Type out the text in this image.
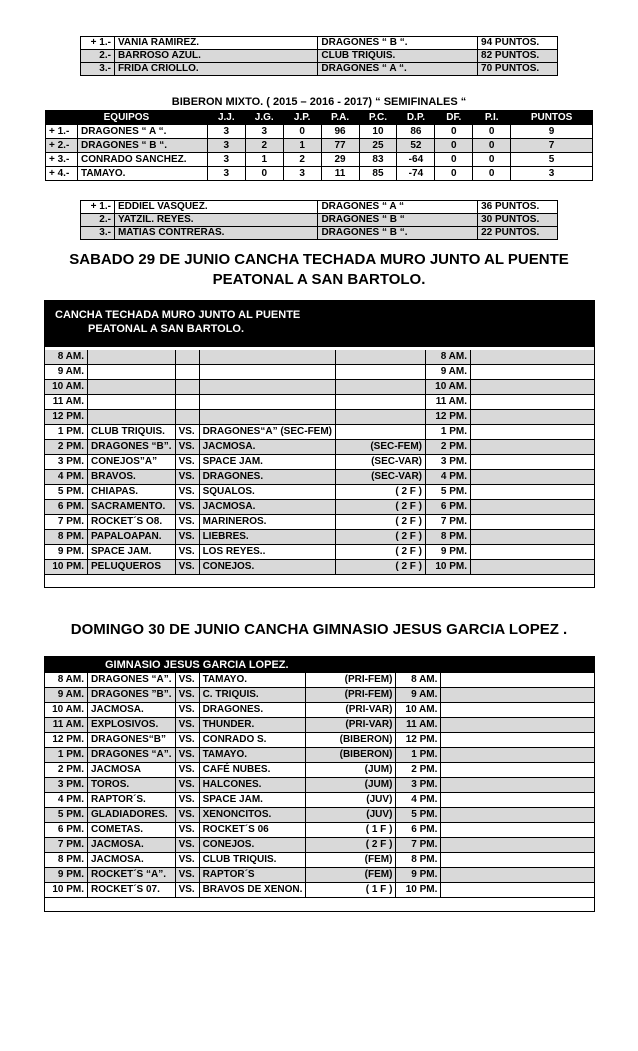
+ 1.-	VANIA RAMIREZ.	DRAGONES “ B “.	94 PUNTOS.
2.-	BARROSO AZUL.	CLUB TRIQUIS.	82 PUNTOS.
3.-	FRIDA CRIOLLO.	DRAGONES “ A “.	70 PUNTOS.
BIBERON MIXTO. ( 2015 – 2016 - 2017) “ SEMIFINALES “
EQUIPOS		J.J.	J.G.	J.P.	P.A.	P.C.	D.P.	DF.	P.I.	PUNTOS
+ 1.-	DRAGONES “ A “.	3	3	0	96	10	86	0	0	9
+ 2.-	DRAGONES “ B “.	3	2	1	77	25	52	0	0	7
+ 3.-	CONRADO SANCHEZ.	3	1	2	29	83	-64	0	0	5
+ 4.-	TAMAYO.	3	0	3	11	85	-74	0	0	3
+ 1.-	EDDIEL VASQUEZ.	DRAGONES “ A “	36 PUNTOS.
2.-	YATZIL. REYES.	DRAGONES “ B “	30 PUNTOS.
3.-	MATIAS CONTRERAS.	DRAGONES “ B “.	22 PUNTOS.
SABADO 29 DE JUNIO CANCHA TECHADA MURO JUNTO AL PUENTE
PEATONAL A SAN BARTOLO.
CANCHA TECHADA MURO JUNTO AL PUENTE
PEATONAL A SAN BARTOLO.
8 AM.					8 AM.	
9 AM.					9 AM.	
10 AM.					10 AM.	
11 AM.					11 AM.	
12 PM.					12 PM.	
1 PM.	CLUB TRIQUIS.	VS.	DRAGONES“A” (SEC-FEM)		1 PM.	
2 PM.	DRAGONES “B”.	VS.	JACMOSA.	(SEC-FEM)	2 PM.	
3 PM.	CONEJOS”A”	VS.	SPACE JAM.	(SEC-VAR)	3 PM.	
4 PM.	BRAVOS.	VS.	DRAGONES.	(SEC-VAR)	4 PM.	
5 PM.	CHIAPAS.	VS.	SQUALOS.	( 2 F )	5 PM.	
6 PM.	SACRAMENTO.	VS.	JACMOSA.	( 2 F )	6 PM.	
7 PM.	ROCKET´S O8.	VS.	MARINEROS.	( 2 F )	7 PM.	
8 PM.	PAPALOAPAN.	VS.	LIEBRES.	( 2 F )	8 PM.	
9 PM.	SPACE JAM.	VS.	LOS REYES..	( 2 F )	9 PM.	
10 PM.	PELUQUEROS	VS.	CONEJOS.	( 2 F )	10 PM.	
DOMINGO 30 DE JUNIO CANCHA GIMNASIO JESUS GARCIA LOPEZ .
GIMNASIO JESUS GARCIA LOPEZ.
8 AM.	DRAGONES “A”.	VS.	TAMAYO.	(PRI-FEM)	8 AM.	
9 AM.	DRAGONES ”B”.	VS.	C. TRIQUIS.	(PRI-FEM)	9 AM.	
10 AM.	JACMOSA.	VS.	DRAGONES.	(PRI-VAR)	10 AM.	
11 AM.	EXPLOSIVOS.	VS.	THUNDER.	(PRI-VAR)	11 AM.	
12 PM.	DRAGONES“B”	VS.	CONRADO S.	(BIBERON)	12 PM.	
1 PM.	DRAGONES “A”.	VS.	TAMAYO.	(BIBERON)	1 PM.	
2 PM.	JACMOSA	VS.	CAFÉ NUBES.	(JUM)	2 PM.	
3 PM.	TOROS.	VS.	HALCONES.	(JUM)	3 PM.	
4 PM.	RAPTOR´S.	VS.	SPACE JAM.	(JUV)	4 PM.	
5 PM.	GLADIADORES.	VS.	XENONCITOS.	(JUV)	5 PM.	
6 PM.	COMETAS.	VS.	ROCKET´S 06	( 1 F )	6 PM.	
7 PM.	JACMOSA.	VS.	CONEJOS.	( 2 F )	7 PM.	
8 PM.	JACMOSA.	VS.	CLUB TRIQUIS.	(FEM)	8 PM.	
9 PM.	ROCKET´S “A”.	VS.	RAPTOR´S	(FEM)	9 PM.	
10 PM.	ROCKET´S 07.	VS.	BRAVOS DE XENON.	( 1 F )	10 PM.	
